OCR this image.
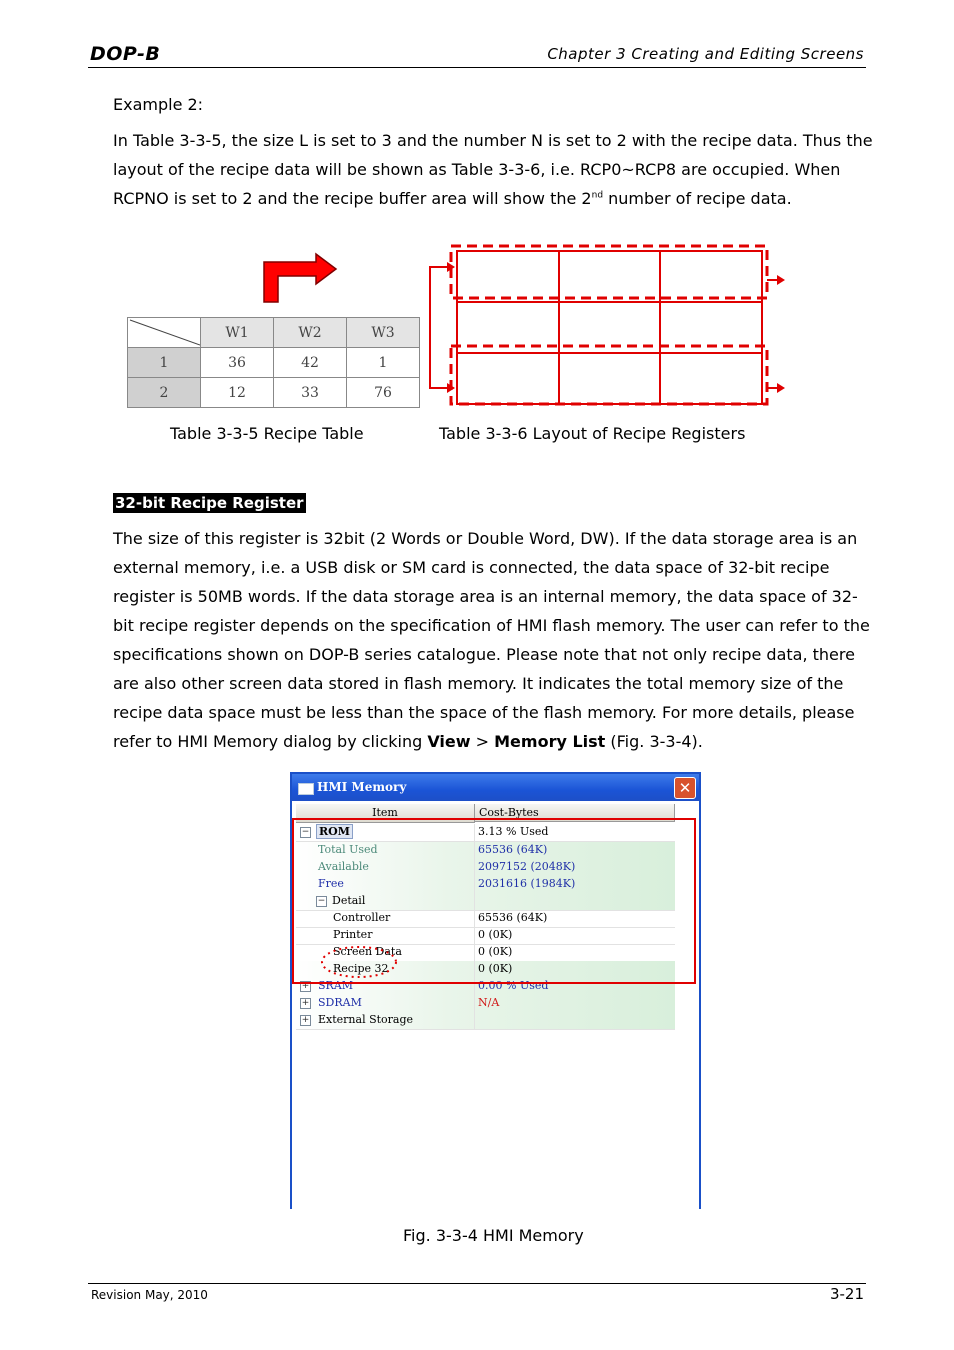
DOP-B	Chapter 3 Creating and Editing Screens
Example 2:

In Table 3-3-5, the size L is set to 3 and the number N is set to 2 with the recipe data. Thus the layout of the recipe data will be shown as Table 3-3-6, i.e. RCP0~RCP8 are occupied. When RCPNO is set to 2 and the recipe buffer area will show the 2nd number of recipe data.

	W1	W2	W3
1	36	42	1
2	12	33	76
Table 3-3-5 Recipe Table	Table 3-3-6 Layout of Recipe Registers
32-bit Recipe Register

The size of this register is 32bit (2 Words or Double Word, DW). If the data storage area is an external memory, i.e. a USB disk or SM card is connected, the data space of 32-bit recipe register is 50MB words. If the data storage area is an internal memory, the data space of 32-bit recipe register depends on the specification of HMI flash memory. The user can refer to the specifications shown on DOP-B series catalogue. Please note that not only recipe data, there are also other screen data stored in flash memory. It indicates the total memory size of the recipe data space must be less than the space of the flash memory. For more details, please refer to HMI Memory dialog by clicking View > Memory List (Fig. 3-3-4).

HMI Memory	✕
Item	Cost-Bytes
− ROM	3.13 % Used
Total Used	65536 (64K)
Available	2097152 (2048K)
Free	2031616 (1984K)
− Detail
Controller	65536 (64K)
Printer	0 (0K)
Screen Data	0 (0K)
Recipe 32	0 (0K)
+ SRAM	0.00 % Used
+ SDRAM	N/A
+ External Storage
Fig. 3-3-4 HMI Memory
Revision May, 2010	3-21
